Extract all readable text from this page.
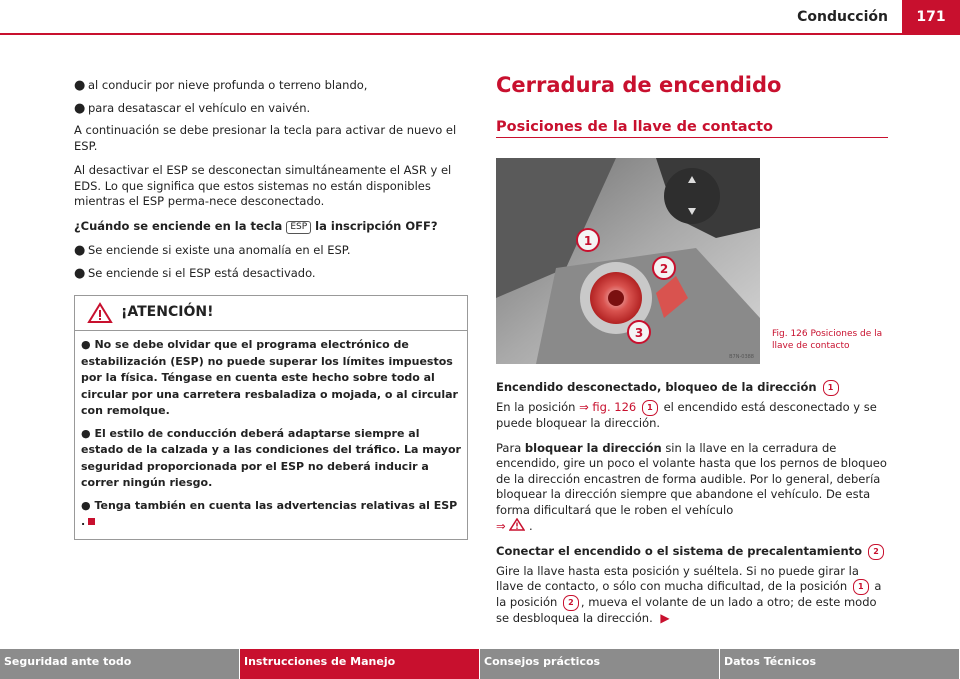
Conducción	171
● al conducir por nieve profunda o terreno blando,
● para desatascar el vehículo en vaivén.

A continuación se debe presionar la tecla para activar de nuevo el ESP.

Al desactivar el ESP se desconectan simultáneamente el ASR y el EDS. Lo que significa que estos sistemas no están disponibles mientras el ESP perma-nece desconectado.

¿Cuándo se enciende en la tecla ESP la inscripción OFF?

● Se enciende si existe una anomalía en el ESP.
● Se enciende si el ESP está desactivado.
¡ATENCIÓN!
● No se debe olvidar que el programa electrónico de estabilización (ESP) no puede superar los límites impuestos por la física. Téngase en cuenta este hecho sobre todo al circular por una carretera resbaladiza o mojada, o al circular con remolque.
● El estilo de conducción deberá adaptarse siempre al estado de la calzada y a las condiciones del tráfico. La mayor seguridad proporcionada por el ESP no deberá inducir a correr ningún riesgo.
● Tenga también en cuenta las advertencias relativas al ESP .
Cerradura de encendido
Posiciones de la llave de contacto
1
2
3
B7N-0388
Fig. 126 Posiciones de la
llave de contacto

Encendido desconectado, bloqueo de la dirección 1

En la posición ⇒ fig. 126 1 el encendido está desconectado y se puede bloquear la dirección.

Para bloquear la dirección sin la llave en la cerradura de encendido, gire un poco el volante hasta que los pernos de bloqueo de la dirección encastren de forma audible. Por lo general, debería bloquear la dirección siempre que abandone el vehículo. De esta forma dificultará que le roben el vehículo
⇒ .

Conectar el encendido o el sistema de precalentamiento 2

Gire la llave hasta esta posición y suéltela. Si no puede girar la llave de contacto, o sólo con mucha dificultad, de la posición 1 a la posición 2 , mueva el volante de un lado a otro; de este modo se desbloquea la dirección. ▶

Seguridad ante todo	Instrucciones de Manejo	Consejos prácticos	Datos Técnicos
